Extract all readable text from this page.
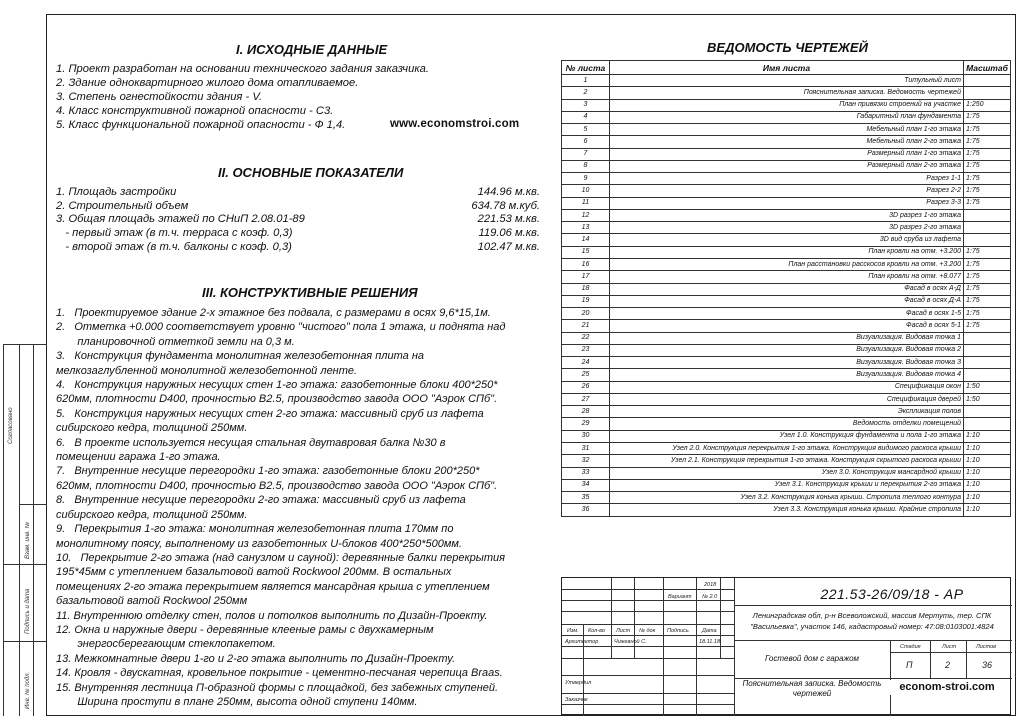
Согласовано
Взам. инв. №
Подпись и дата
Инв. № подл.
I. ИСХОДНЫЕ ДАННЫЕ
1. Проект разработан на основании технического задания заказчика.
2. Здание одноквартирного жилого дома отапливаемое.
3. Степень огнестойкости здания - V.
4. Класс конструктивной пожарной опасности - С3.
5. Класс функциональной пожарной опасности - Ф 1,4.	www.economstroi.com
II. ОСНОВНЫЕ ПОКАЗАТЕЛИ
1. Площадь застройки	144.96 м.кв.
2. Строительный объем	634.78 м.куб.
3. Общая площадь этажей по СНиП 2.08.01-89	221.53 м.кв.
- первый этаж (в т.ч. терраса с коэф. 0,3)	119.06 м.кв.
- второй этаж (в т.ч. балконы с коэф. 0,3)	102.47 м.кв.
III. КОНСТРУКТИВНЫЕ РЕШЕНИЯ
1.   Проектируемое здание 2-х этажное без подвала, с размерами в осях 9,6*15,1м.
2.   Отметка +0.000 соответствует уровню "чистого" пола 1 этажа, и поднята над
планировочной отметкой земли на 0,3 м.
3.   Конструкция фундамента монолитная железобетонная плита на
мелкозаглубленной монолитной железобетонной ленте.
4.   Конструкция наружных несущих стен 1-го этажа: газобетонные блоки 400*250*
620мм, плотности D400, прочностью B2.5, производство завода ООО "Аэрок СПб".
5.   Конструкция наружных несущих стен 2-го этажа: массивный сруб из лафета
сибирского кедра, толщиной 250мм.
6.   В проекте используется несущая стальная двутавровая балка №30 в
помещении гаража 1-го этажа.
7.   Внутренние несущие перегородки 1-го этажа: газобетонные блоки 200*250*
620мм, плотности D400, прочностью B2.5, производство завода ООО "Аэрок СПб".
8.   Внутренние несущие перегородки 2-го этажа: массивный сруб из лафета
сибирского кедра, толщиной 250мм.
9.   Перекрытия 1-го этажа: монолитная железобетонная плита 170мм по
монолитному поясу, выполненому из газобетонных U-блоков 400*250*500мм.
10.   Перекрытие 2-го этажа (над санузлом и сауной): деревянные балки перекрытия
195*45мм с утеплением базальтовой ватой Rockwool 200мм. В остальных
помещениях 2-го этажа перекрытием является мансардная крыша с утеплением
базальтовой ватой Rockwool 250мм
11. Внутреннюю отделку стен, полов и потолков выполнить по Дизайн-Проекту.
12. Окна и наружные двери - деревянные клееные рамы с двухкамерным
энергосберегающим стеклопакетом.
13. Межкомнатные двери 1-го и 2-го этажа выполнить по Дизайн-Проекту.
14. Кровля - двускатная, кровельное покрытие - цементно-песчаная черепица Braas.
15. Внутренняя лестница П-образной формы с площадкой, без забежных ступеней.
Ширина проступи в плане 250мм, высота одной ступени 140мм.
ВЕДОМОСТЬ ЧЕРТЕЖЕЙ
№ листа	Имя листа	Масштаб
1	Титульный лист	
2	Пояснительная записка. Ведомость чертежей	
3	План привязки строений на участке	1:250
4	Габаритный план фундамента	1:75
5	Мебельный план 1-го этажа	1:75
6	Мебельный план 2-го этажа	1:75
7	Размерный план 1-го этажа	1:75
8	Размерный план 2-го этажа	1:75
9	Разрез 1-1	1:75
10	Разрез 2-2	1:75
11	Разрез 3-3	1:75
12	3D разрез 1-го этажа	
13	3D разрез 2-го этажа	
14	3D вид сруба из лафета	
15	План кровли на отм. +3.200	1:75
16	План расстановки расскосов кровли на отм. +3.200	1:75
17	План кровли на отм. +8.077	1:75
18	Фасад в осях А-Д	1:75
19	Фасад в осях Д-А	1:75
20	Фасад в осях 1-5	1:75
21	Фасад в осях 5-1	1:75
22	Визуализация. Видовая точка 1	
23	Визуализация. Видовая точка 2	
24	Визуализация. Видовая точка 3	
25	Визуализация. Видовая точка 4	
26	Спецификация окон	1:50
27	Спецификация дверей	1:50
28	Экспликация полов	
29	Ведомость отделки помещений	
30	Узел 1.0. Конструкция фундамента и пола 1-го этажа	1:10
31	Узел 2.0. Конструкция перекрытия 1-го этажа. Конструкция видимого раскоса крыши	1:10
32	Узел 2.1. Конструкция перекрытия 1-го этажа. Конструкция скрытого раскоса крыши	1:10
33	Узел 3.0. Конструкция мансардной крыши	1:10
34	Узел 3.1. Конструкция крыши и перекрытия 2-го этажа	1:10
35	Узел 3.2. Конструкция конька крыши. Стропила теплого контура	1:10
36	Узел 3.3. Конструкция конька крыши. Крайние стропила	1:10
Вариант
2018
№ 2.0
Изм. Кол-во Лист № док Подпись Дата
Архитектор	Чижевной С.	18.11.18
Утвердил
Заказчик
221.53-26/09/18 - АР
Ленинградская обл, р-н Всеволожский, массив Мертуть, тер. СПК "Васильевка", участок 146, кадастровый номер: 47:08:0103001:4824
Гостевой дом с гаражом
Пояснительная записка. Ведомость чертежей
Стадия	Лист	Листов
П	2	36
econom-stroi.com
